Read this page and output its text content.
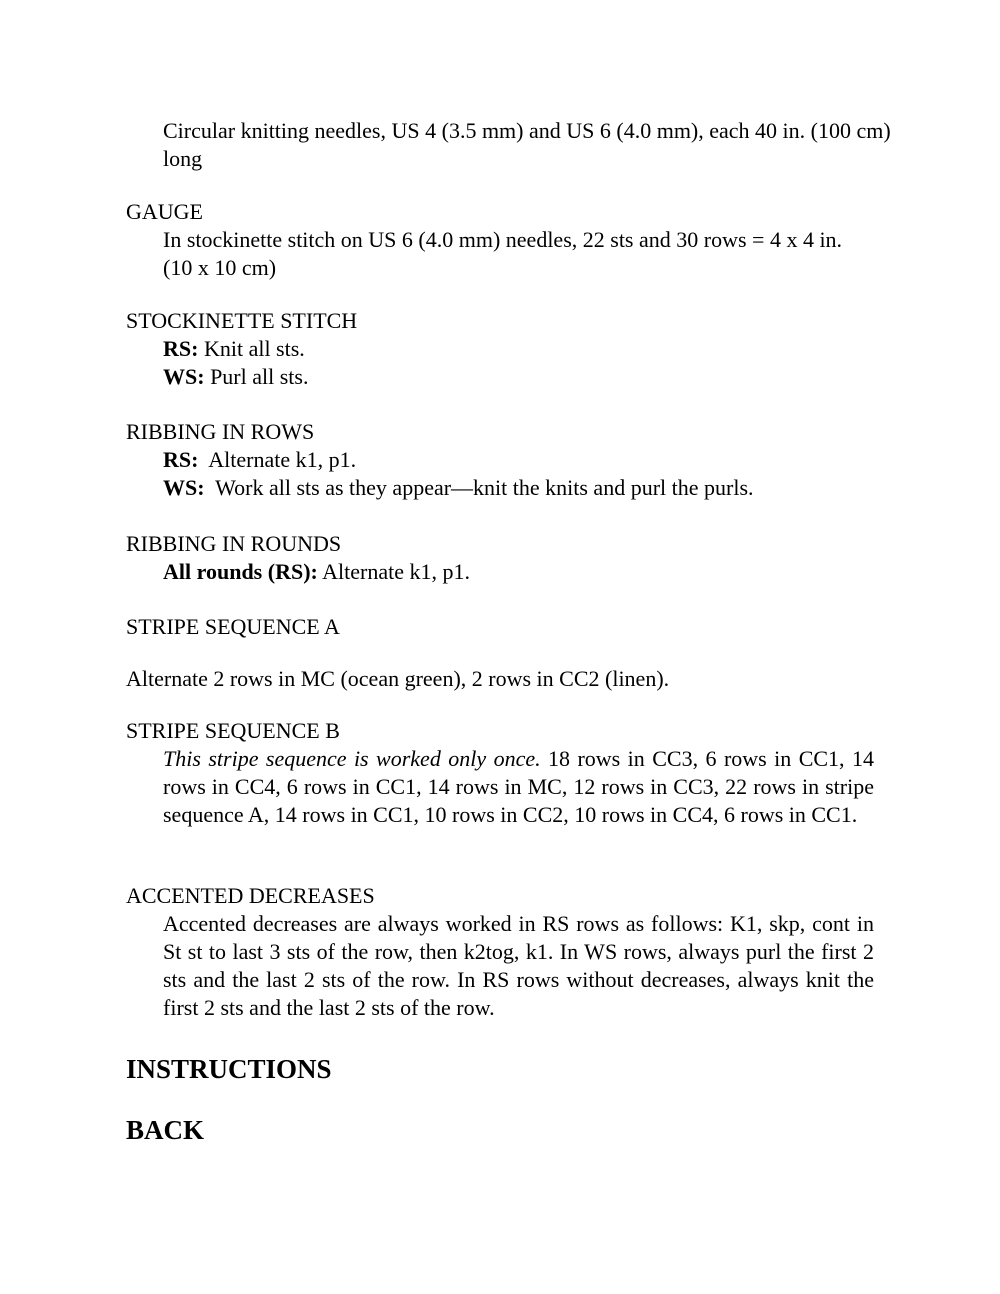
Circular knitting needles, US 4 (3.5 mm) and US 6 (4.0 mm), each 40 in. (100 cm) long

GAUGE

In stockinette stitch on US 6 (4.0 mm) needles, 22 sts and 30 rows = 4 x 4 in. (10 x 10 cm)

STOCKINETTE STITCH

RS: Knit all sts.

WS: Purl all sts.

RIBBING IN ROWS

RS: Alternate k1, p1.

WS: Work all sts as they appear—knit the knits and purl the purls.

RIBBING IN ROUNDS

All rounds (RS): Alternate k1, p1.

STRIPE SEQUENCE A

Alternate 2 rows in MC (ocean green), 2 rows in CC2 (linen).

STRIPE SEQUENCE B

This stripe sequence is worked only once. 18 rows in CC3, 6 rows in CC1, 14 rows in CC4, 6 rows in CC1, 14 rows in MC, 12 rows in CC3, 22 rows in stripe sequence A, 14 rows in CC1, 10 rows in CC2, 10 rows in CC4, 6 rows in CC1.

ACCENTED DECREASES

Accented decreases are always worked in RS rows as follows: K1, skp, cont in St st to last 3 sts of the row, then k2tog, k1. In WS rows, always purl the first 2 sts and the last 2 sts of the row. In RS rows without decreases, always knit the first 2 sts and the last 2 sts of the row.

INSTRUCTIONS

BACK
